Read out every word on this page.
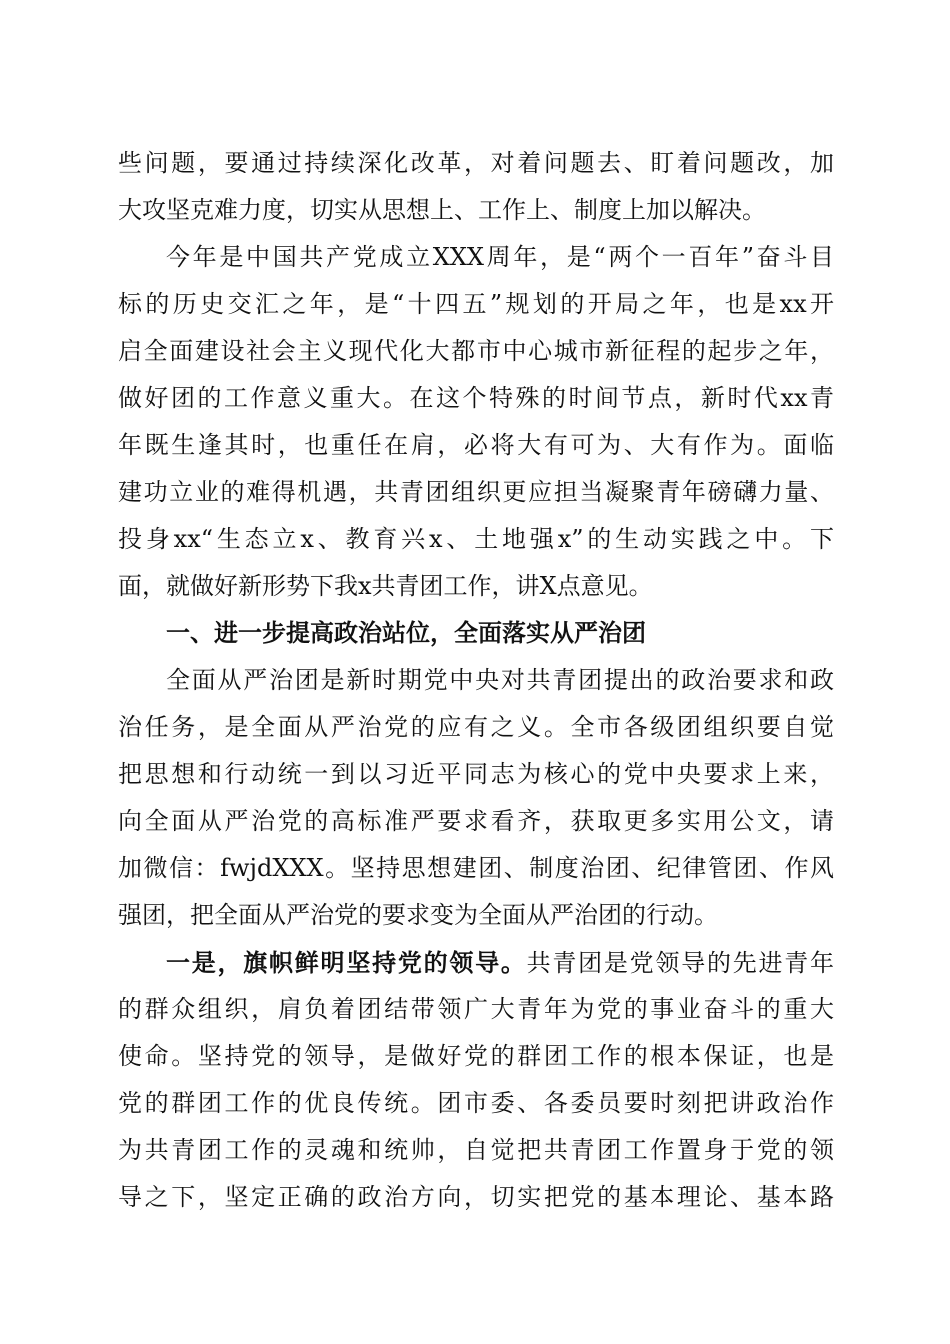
些问题，要通过持续深化改革，对着问题去、盯着问题改，加
大攻坚克难力度，切实从思想上、工作上、制度上加以解决。
今年是中国共产党成立XXX周年，是“两个一百年”奋斗目
标的历史交汇之年，是“十四五”规划的开局之年，也是xx开
启全面建设社会主义现代化大都市中心城市新征程的起步之年，
做好团的工作意义重大。在这个特殊的时间节点，新时代xx青
年既生逢其时，也重任在肩，必将大有可为、大有作为。面临
建功立业的难得机遇，共青团组织更应担当凝聚青年磅礴力量、
投身xx“生态立x、教育兴x、土地强x”的生动实践之中。下
面，就做好新形势下我x共青团工作，讲X点意见。
一、进一步提高政治站位，全面落实从严治团
全面从严治团是新时期党中央对共青团提出的政治要求和政
治任务，是全面从严治党的应有之义。全市各级团组织要自觉
把思想和行动统一到以习近平同志为核心的党中央要求上来，
向全面从严治党的高标准严要求看齐，获取更多实用公文，请
加微信：fwjdXXX。坚持思想建团、制度治团、纪律管团、作风
强团，把全面从严治党的要求变为全面从严治团的行动。
一是，旗帜鲜明坚持党的领导。共青团是党领导的先进青年
的群众组织，肩负着团结带领广大青年为党的事业奋斗的重大
使命。坚持党的领导，是做好党的群团工作的根本保证，也是
党的群团工作的优良传统。团市委、各委员要时刻把讲政治作
为共青团工作的灵魂和统帅，自觉把共青团工作置身于党的领
导之下，坚定正确的政治方向，切实把党的基本理论、基本路
